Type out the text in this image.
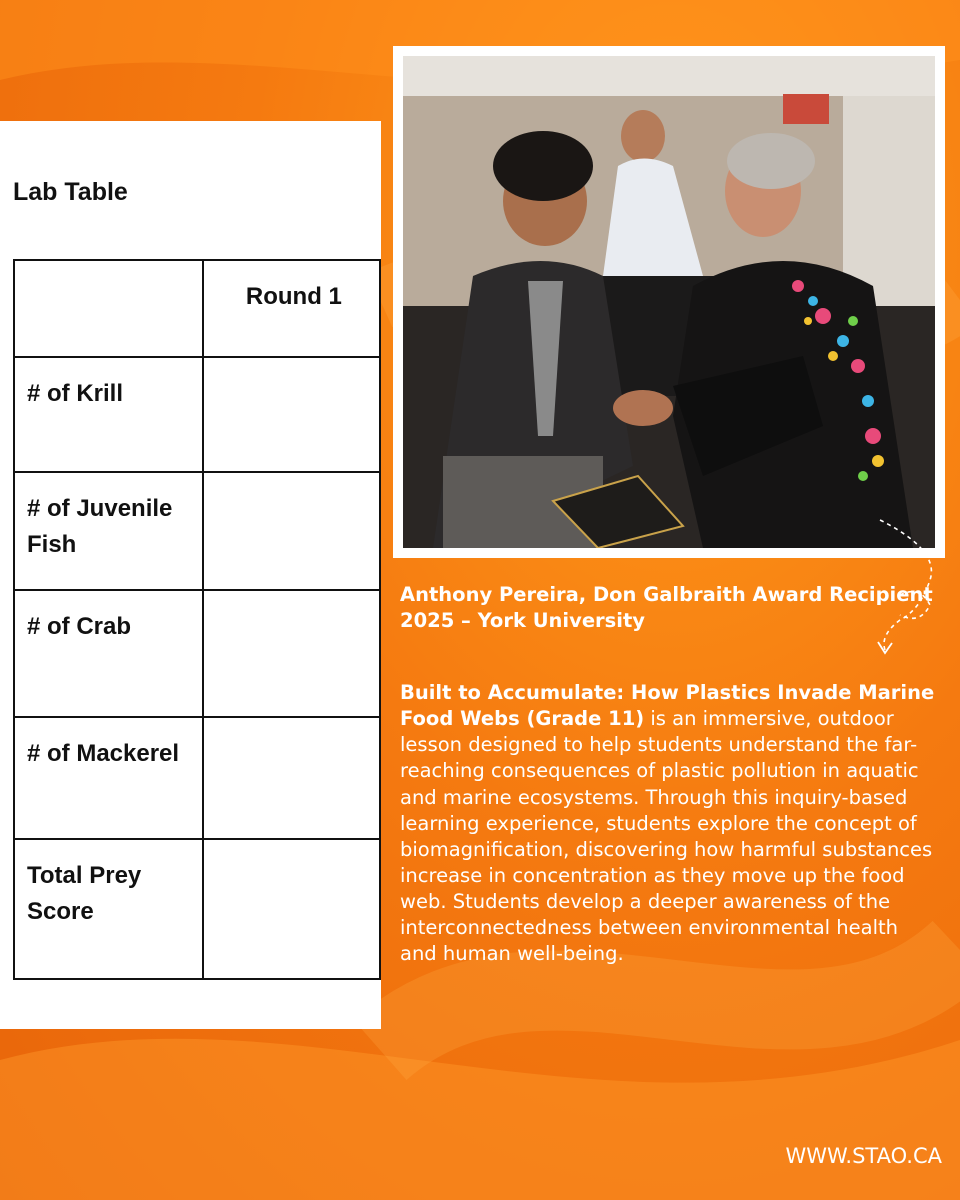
Lab Table
	Round 1
# of Krill	
# of Juvenile Fish	
# of Crab	
# of Mackerel	
Total Prey Score	
Anthony Pereira, Don Galbraith Award Recipient 2025 – York University
Built to Accumulate: How Plastics Invade Marine Food Webs (Grade 11) is an immersive, outdoor lesson designed to help students understand the far-reaching consequences of plastic pollution in aquatic and marine ecosystems. Through this inquiry-based learning experience, students explore the concept of biomagnification, discovering how harmful substances increase in concentration as they move up the food web. Students develop a deeper awareness of the interconnectedness between environmental health and human well-being.
WWW.STAO.CA
